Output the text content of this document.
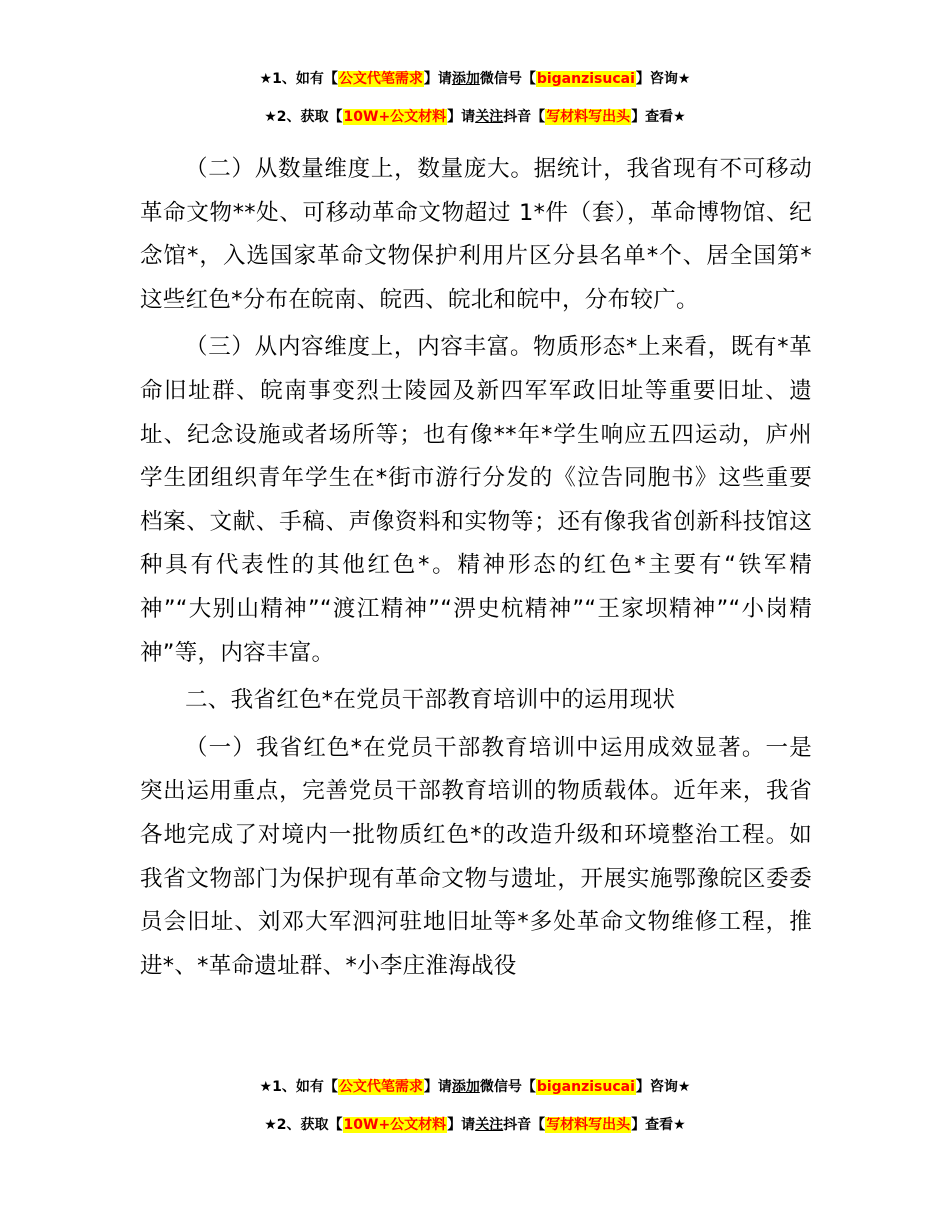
★1、如有【公文代笔需求】请添加微信号【biganzisucai】咨询★
★2、获取【10W+公文材料】请关注抖音【写材料写出头】查看★

（二）从数量维度上，数量庞大。据统计，我省现有不可移动革命文物**处、可移动革命文物超过 1*件（套），革命博物馆、纪念馆*，入选国家革命文物保护利用片区分县名单*个、居全国第*这些红色*分布在皖南、皖西、皖北和皖中，分布较广。

（三）从内容维度上，内容丰富。物质形态*上来看，既有*革命旧址群、皖南事变烈士陵园及新四军军政旧址等重要旧址、遗址、纪念设施或者场所等；也有像**年*学生响应五四运动，庐州学生团组织青年学生在*街市游行分发的《泣告同胞书》这些重要档案、文献、手稿、声像资料和实物等；还有像我省创新科技馆这种具有代表性的其他红色*。精神形态的红色*主要有“铁军精神”“大别山精神”“渡江精神”“淠史杭精神”“王家坝精神”“小岗精神”等，内容丰富。

二、我省红色*在党员干部教育培训中的运用现状

（一）我省红色*在党员干部教育培训中运用成效显著。一是突出运用重点，完善党员干部教育培训的物质载体。近年来，我省各地完成了对境内一批物质红色*的改造升级和环境整治工程。如我省文物部门为保护现有革命文物与遗址，开展实施鄂豫皖区委委员会旧址、刘邓大军泗河驻地旧址等*多处革命文物维修工程，推进*、*革命遗址群、*小李庄淮海战役

★1、如有【公文代笔需求】请添加微信号【biganzisucai】咨询★
★2、获取【10W+公文材料】请关注抖音【写材料写出头】查看★
